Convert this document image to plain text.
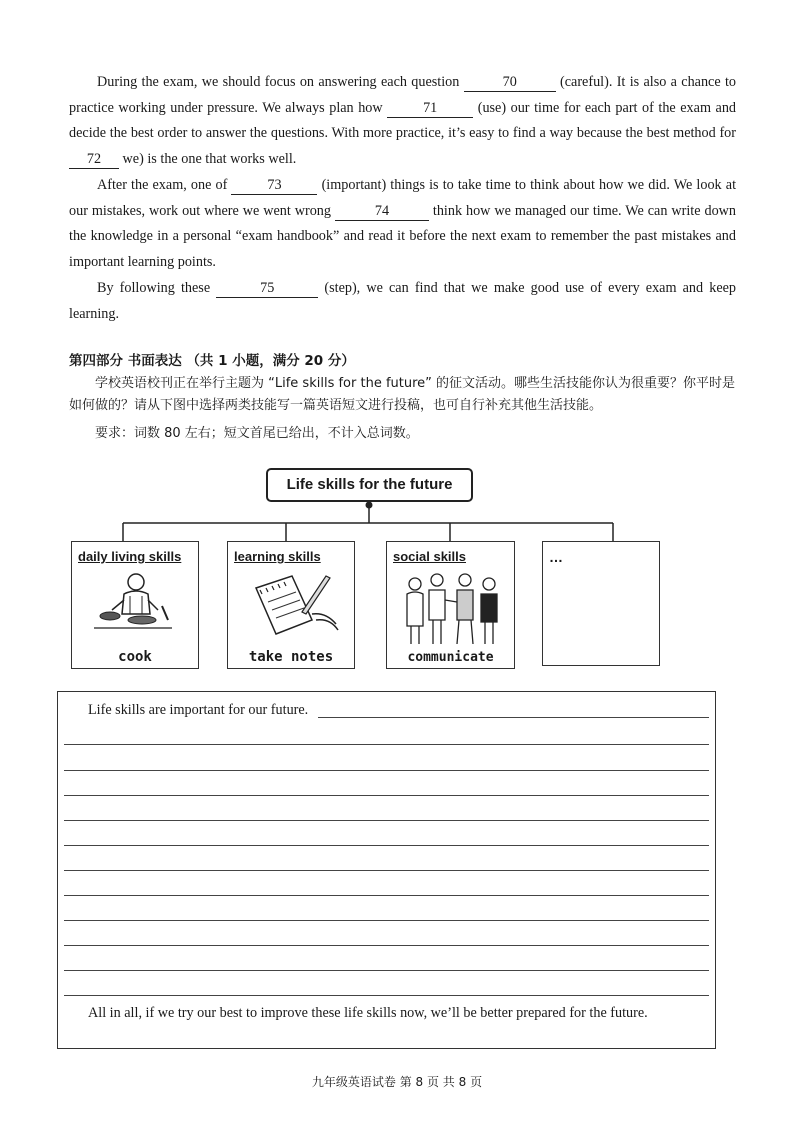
During the exam, we should focus on answering each question	70	(careful). It is also a chance to practice working under pressure. We always plan how	71	(use) our time for each part of the exam and decide the best order to answer the questions. With more practice, it’s easy to find a way because the best method for 72 we) is the one that works well.
After the exam, one of	73	(important) things is to take time to think about how we did. We look at our mistakes, work out where we went wrong	74	think how we managed our time. We can write down the knowledge in a personal “exam handbook” and read it before the next exam to remember the past mistakes and important learning points.
By following these	75	(step), we can find that we make good use of every exam and keep learning.
第四部分 书面表达 （共 1 小题，满分 20 分）
学校英语校刊正在举行主题为 “Life skills for the future” 的征文活动。哪些生活技能你认为很重要？你平时是如何做的？请从下图中选择两类技能写一篇英语短文进行投稿，也可自行补充其他生活技能。
要求：词数 80 左右；短文首尾已给出，不计入总词数。
Life skills for the future
daily living skills
cook
learning skills
take notes
social skills
communicate
…
Life skills are important for our future.
All in all, if we try our best to improve these life skills now, we’ll be better prepared for the future.
九年级英语试卷 第 8 页 共 8 页
